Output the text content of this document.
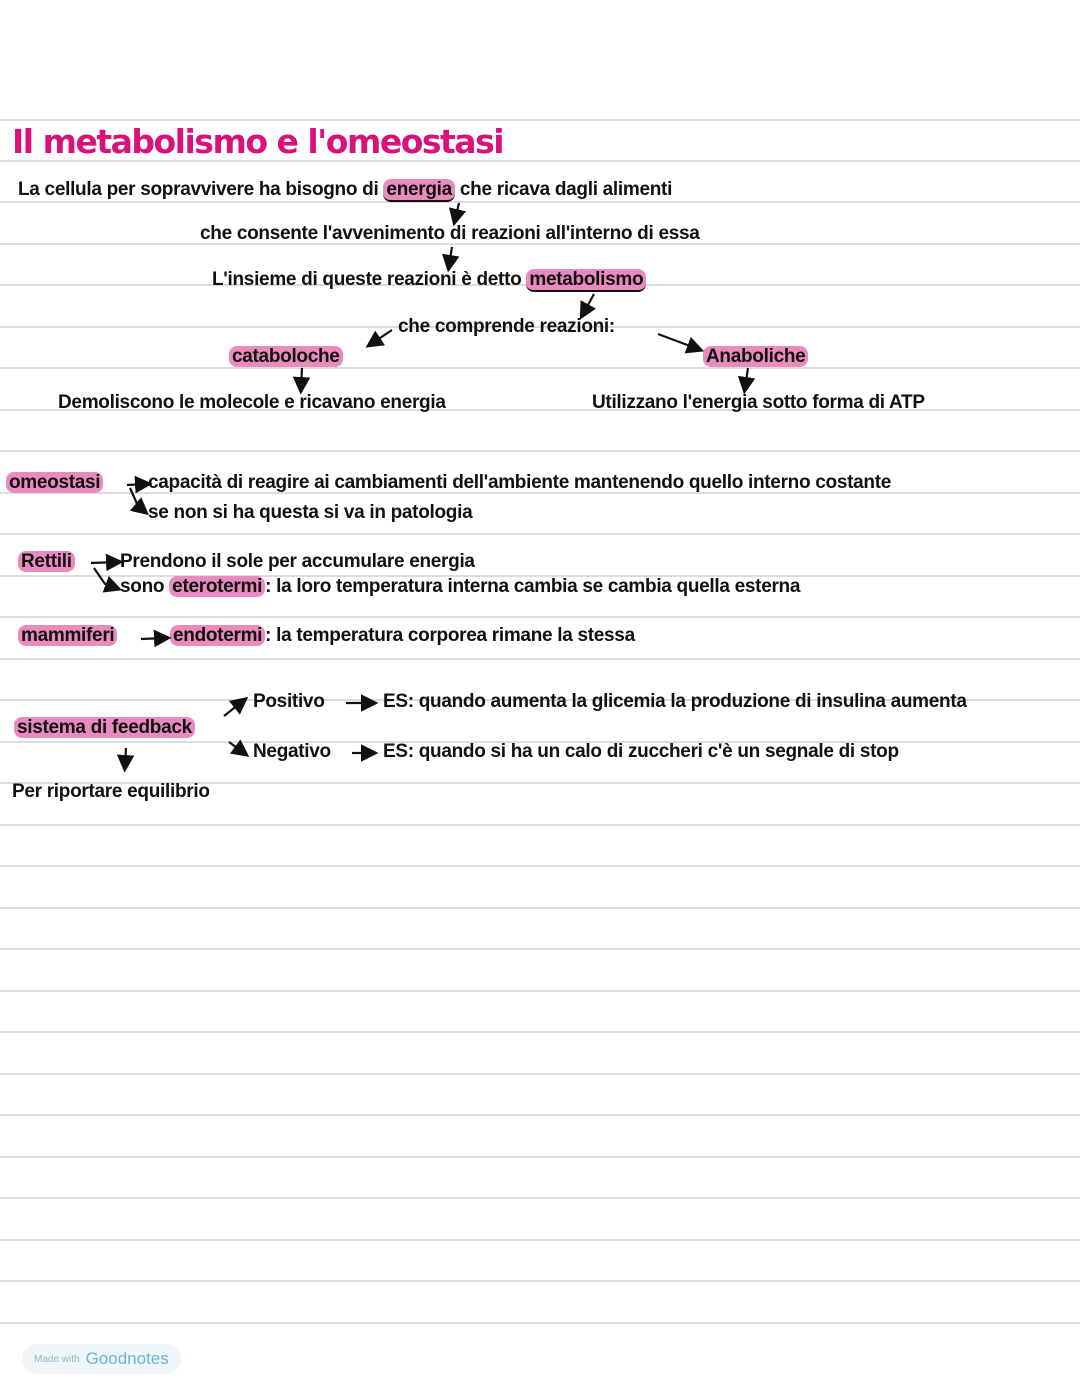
Il metabolismo e l'omeostasi
La cellula per sopravvivere ha bisogno di energia che ricava dagli alimenti
che consente l'avvenimento di reazioni all'interno di essa
L'insieme di queste reazioni è detto metabolismo
che comprende reazioni:
cataboloche	Anaboliche
Demoliscono le molecole e ricavano energia	Utilizzano l'energia sotto forma di ATP
omeostasi	capacità di reagire ai cambiamenti dell'ambiente mantenendo quello interno costante
se non si ha questa si va in patologia
Rettili	Prendono il sole per accumulare energia
sono eterotermi : la loro temperatura interna cambia se cambia quella esterna
mammiferi	endotermi : la temperatura corporea rimane la stessa
sistema di feedback
Positivo	ES: quando aumenta la glicemia la produzione di insulina aumenta
Negativo	ES: quando si ha un calo di zuccheri c'è un segnale di stop
Per riportare equilibrio
Made with Goodnotes
